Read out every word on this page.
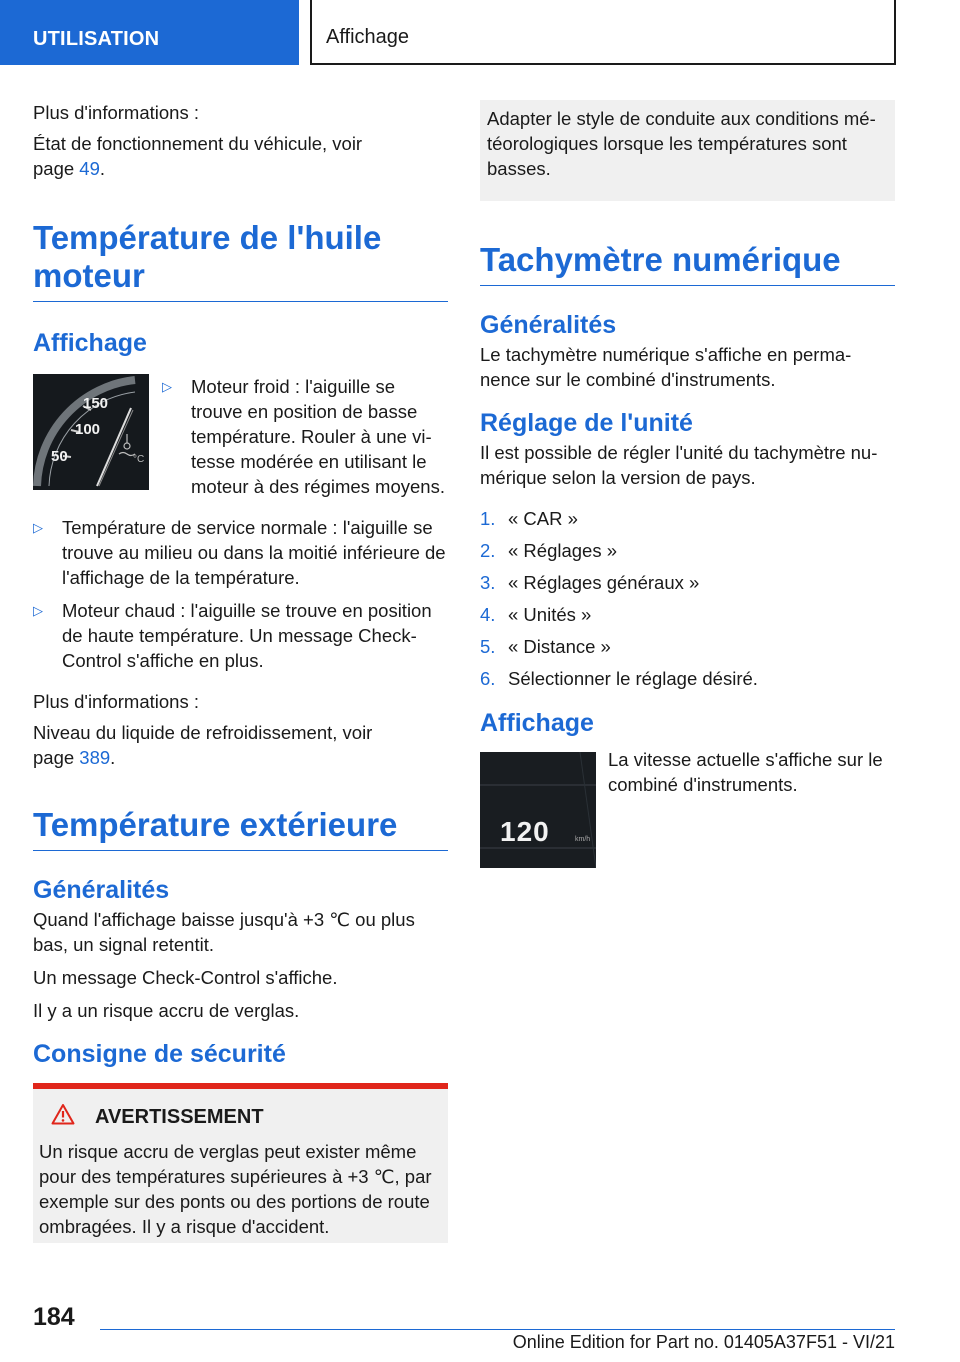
UTILISATION	Affichage

Plus d'informations :

État de fonctionnement du véhicule, voir page 49.

Température de l'huile moteur
Affichage
150
100
50	°C
▷	Moteur froid : l'aiguille se trouve en position de basse température. Rouler à une vi-tesse modérée en utilisant le moteur à des régimes moyens.
▷	Température de service normale : l'aiguille se trouve au milieu ou dans la moitié inférieure de l'affichage de la température.
▷	Moteur chaud : l'aiguille se trouve en position de haute température. Un message Check-Control s'affiche en plus.

Plus d'informations :

Niveau du liquide de refroidissement, voir page 389.

Température extérieure
Généralités

Quand l'affichage baisse jusqu'à +3 ℃ ou plus bas, un signal retentit.

Un message Check-Control s'affiche.

Il y a un risque accru de verglas.

Consigne de sécurité
AVERTISSEMENT

Un risque accru de verglas peut exister même pour des températures supérieures à +3 ℃, par exemple sur des ponts ou des portions de route ombragées. Il y a risque d'accident.

Adapter le style de conduite aux conditions mé-téorologiques lorsque les températures sont basses.
Tachymètre numérique
Généralités

Le tachymètre numérique s'affiche en perma-nence sur le combiné d'instruments.

Réglage de l'unité

Il est possible de régler l'unité du tachymètre nu-mérique selon la version de pays.

1. « CAR »
2. « Réglages »
3. « Réglages généraux »
4. « Unités »
5. « Distance »
6. Sélectionner le réglage désiré.
Affichage
120	km/h

La vitesse actuelle s'affiche sur le combiné d'instruments.

184
Online Edition for Part no. 01405A37F51 - VI/21
